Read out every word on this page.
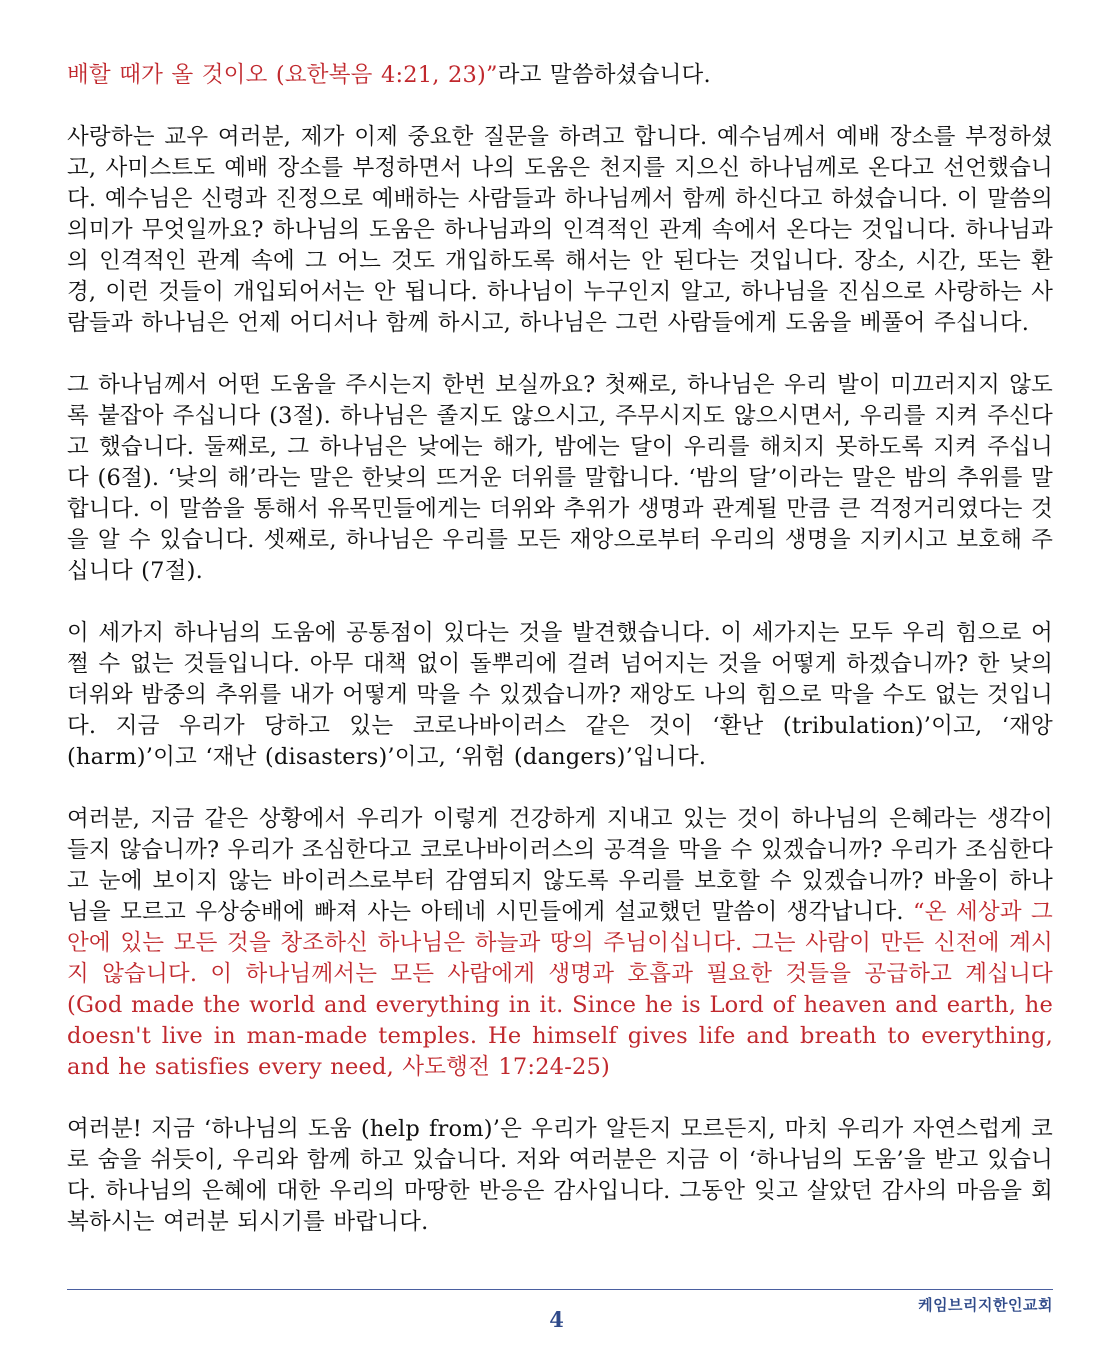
배할 때가 올 것이오 (요한복음 4:21, 23)”라고 말씀하셨습니다.

사랑하는 교우 여러분, 제가 이제 중요한 질문을 하려고 합니다. 예수님께서 예배 장소를 부정하셨고, 사미스트도 예배 장소를 부정하면서 나의 도움은 천지를 지으신 하나님께로 온다고 선언했습니다. 예수님은 신령과 진정으로 예배하는 사람들과 하나님께서 함께 하신다고 하셨습니다. 이 말씀의 의미가 무엇일까요? 하나님의 도움은 하나님과의 인격적인 관계 속에서 온다는 것입니다. 하나님과의 인격적인 관계 속에 그 어느 것도 개입하도록 해서는 안 된다는 것입니다. 장소, 시간, 또는 환경, 이런 것들이 개입되어서는 안 됩니다. 하나님이 누구인지 알고, 하나님을 진심으로 사랑하는 사람들과 하나님은 언제 어디서나 함께 하시고, 하나님은 그런 사람들에게 도움을 베풀어 주십니다.

그 하나님께서 어떤 도움을 주시는지 한번 보실까요? 첫째로, 하나님은 우리 발이 미끄러지지 않도록 붙잡아 주십니다 (3절). 하나님은 졸지도 않으시고, 주무시지도 않으시면서, 우리를 지켜 주신다고 했습니다. 둘째로, 그 하나님은 낮에는 해가, 밤에는 달이 우리를 해치지 못하도록 지켜 주십니다 (6절). ‘낮의 해’라는 말은 한낮의 뜨거운 더위를 말합니다. ‘밤의 달’이라는 말은 밤의 추위를 말합니다. 이 말씀을 통해서 유목민들에게는 더위와 추위가 생명과 관계될 만큼 큰 걱정거리였다는 것을 알 수 있습니다. 셋째로, 하나님은 우리를 모든 재앙으로부터 우리의 생명을 지키시고 보호해 주십니다 (7절).

이 세가지 하나님의 도움에 공통점이 있다는 것을 발견했습니다. 이 세가지는 모두 우리 힘으로 어쩔 수 없는 것들입니다. 아무 대책 없이 돌뿌리에 걸려 넘어지는 것을 어떻게 하겠습니까? 한 낮의 더위와 밤중의 추위를 내가 어떻게 막을 수 있겠습니까? 재앙도 나의 힘으로 막을 수도 없는 것입니다. 지금 우리가 당하고 있는 코로나바이러스 같은 것이 ‘환난 (tribulation)’이고, ‘재앙 (harm)’이고 ‘재난 (disasters)’이고, ‘위험 (dangers)’입니다.

여러분, 지금 같은 상황에서 우리가 이렇게 건강하게 지내고 있는 것이 하나님의 은혜라는 생각이 들지 않습니까? 우리가 조심한다고 코로나바이러스의 공격을 막을 수 있겠습니까? 우리가 조심한다고 눈에 보이지 않는 바이러스로부터 감염되지 않도록 우리를 보호할 수 있겠습니까? 바울이 하나님을 모르고 우상숭배에 빠져 사는 아테네 시민들에게 설교했던 말씀이 생각납니다. “온 세상과 그 안에 있는 모든 것을 창조하신 하나님은 하늘과 땅의 주님이십니다. 그는 사람이 만든 신전에 계시지 않습니다. 이 하나님께서는 모든 사람에게 생명과 호흡과 필요한 것들을 공급하고 계십니다 (God made the world and everything in it. Since he is Lord of heaven and earth, he doesn't live in man-made temples. He himself gives life and breath to everything, and he satisfies every need, 사도행전 17:24-25)

여러분! 지금 ‘하나님의 도움 (help from)’은 우리가 알든지 모르든지, 마치 우리가 자연스럽게 코로 숨을 쉬듯이, 우리와 함께 하고 있습니다. 저와 여러분은 지금 이 ‘하나님의 도움’을 받고 있습니다. 하나님의 은혜에 대한 우리의 마땅한 반응은 감사입니다. 그동안 잊고 살았던 감사의 마음을 회복하시는 여러분 되시기를 바랍니다.

케임브리지한인교회
4
